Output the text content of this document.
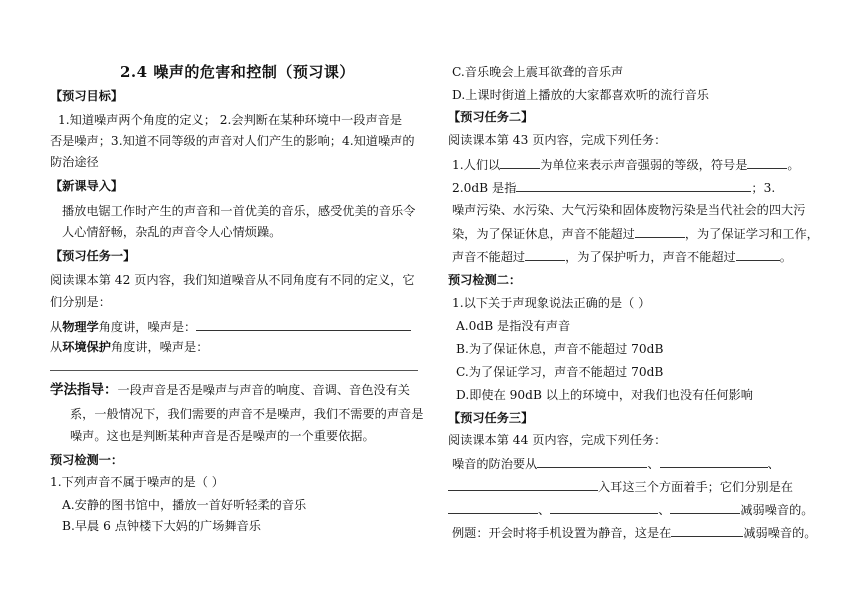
2.4 噪声的危害和控制（预习课）
【预习目标】
1.知道噪声两个角度的定义； 2.会判断在某种环境中一段声音是
否是噪声；3.知道不同等级的声音对人们产生的影响；4.知道噪声的
防治途径
【新课导入】
播放电锯工作时产生的声音和一首优美的音乐，感受优美的音乐令
人心情舒畅，杂乱的声音令人心情烦躁。
【预习任务一】
阅读课本第 42 页内容，我们知道噪音从不同角度有不同的定义，它
们分别是：
从物理学角度讲，噪声是：
从环境保护角度讲，噪声是：
学法指导：一段声音是否是噪声与声音的响度、音调、音色没有关
系，一般情况下，我们需要的声音不是噪声，我们不需要的声音是
噪声。这也是判断某种声音是否是噪声的一个重要依据。
预习检测一：
1.下列声音不属于噪声的是（ ）
A.安静的图书馆中，播放一首好听轻柔的音乐
B.早晨 6 点钟楼下大妈的广场舞音乐
C.音乐晚会上震耳欲聋的音乐声
D.上课时街道上播放的大家都喜欢听的流行音乐
【预习任务二】
阅读课本第 43 页内容，完成下列任务：
1.人们以	为单位来表示声音强弱的等级，符号是	。
2.0dB 是指	；3.
噪声污染、水污染、大气污染和固体废物污染是当代社会的四大污
染，为了保证休息，声音不能超过	，为了保证学习和工作，
声音不能超过	，为了保护听力，声音不能超过	。
预习检测二：
1.以下关于声现象说法正确的是（ ）
A.0dB 是指没有声音
B.为了保证休息，声音不能超过 70dB
C.为了保证学习，声音不能超过 70dB
D.即使在 90dB 以上的环境中，对我们也没有任何影响
【预习任务三】
阅读课本第 44 页内容，完成下列任务：
噪音的防治要从	、	、
入耳这三个方面着手；它们分别是在
、	、	减弱噪音的。
例题：开会时将手机设置为静音，这是在	减弱噪音的。
